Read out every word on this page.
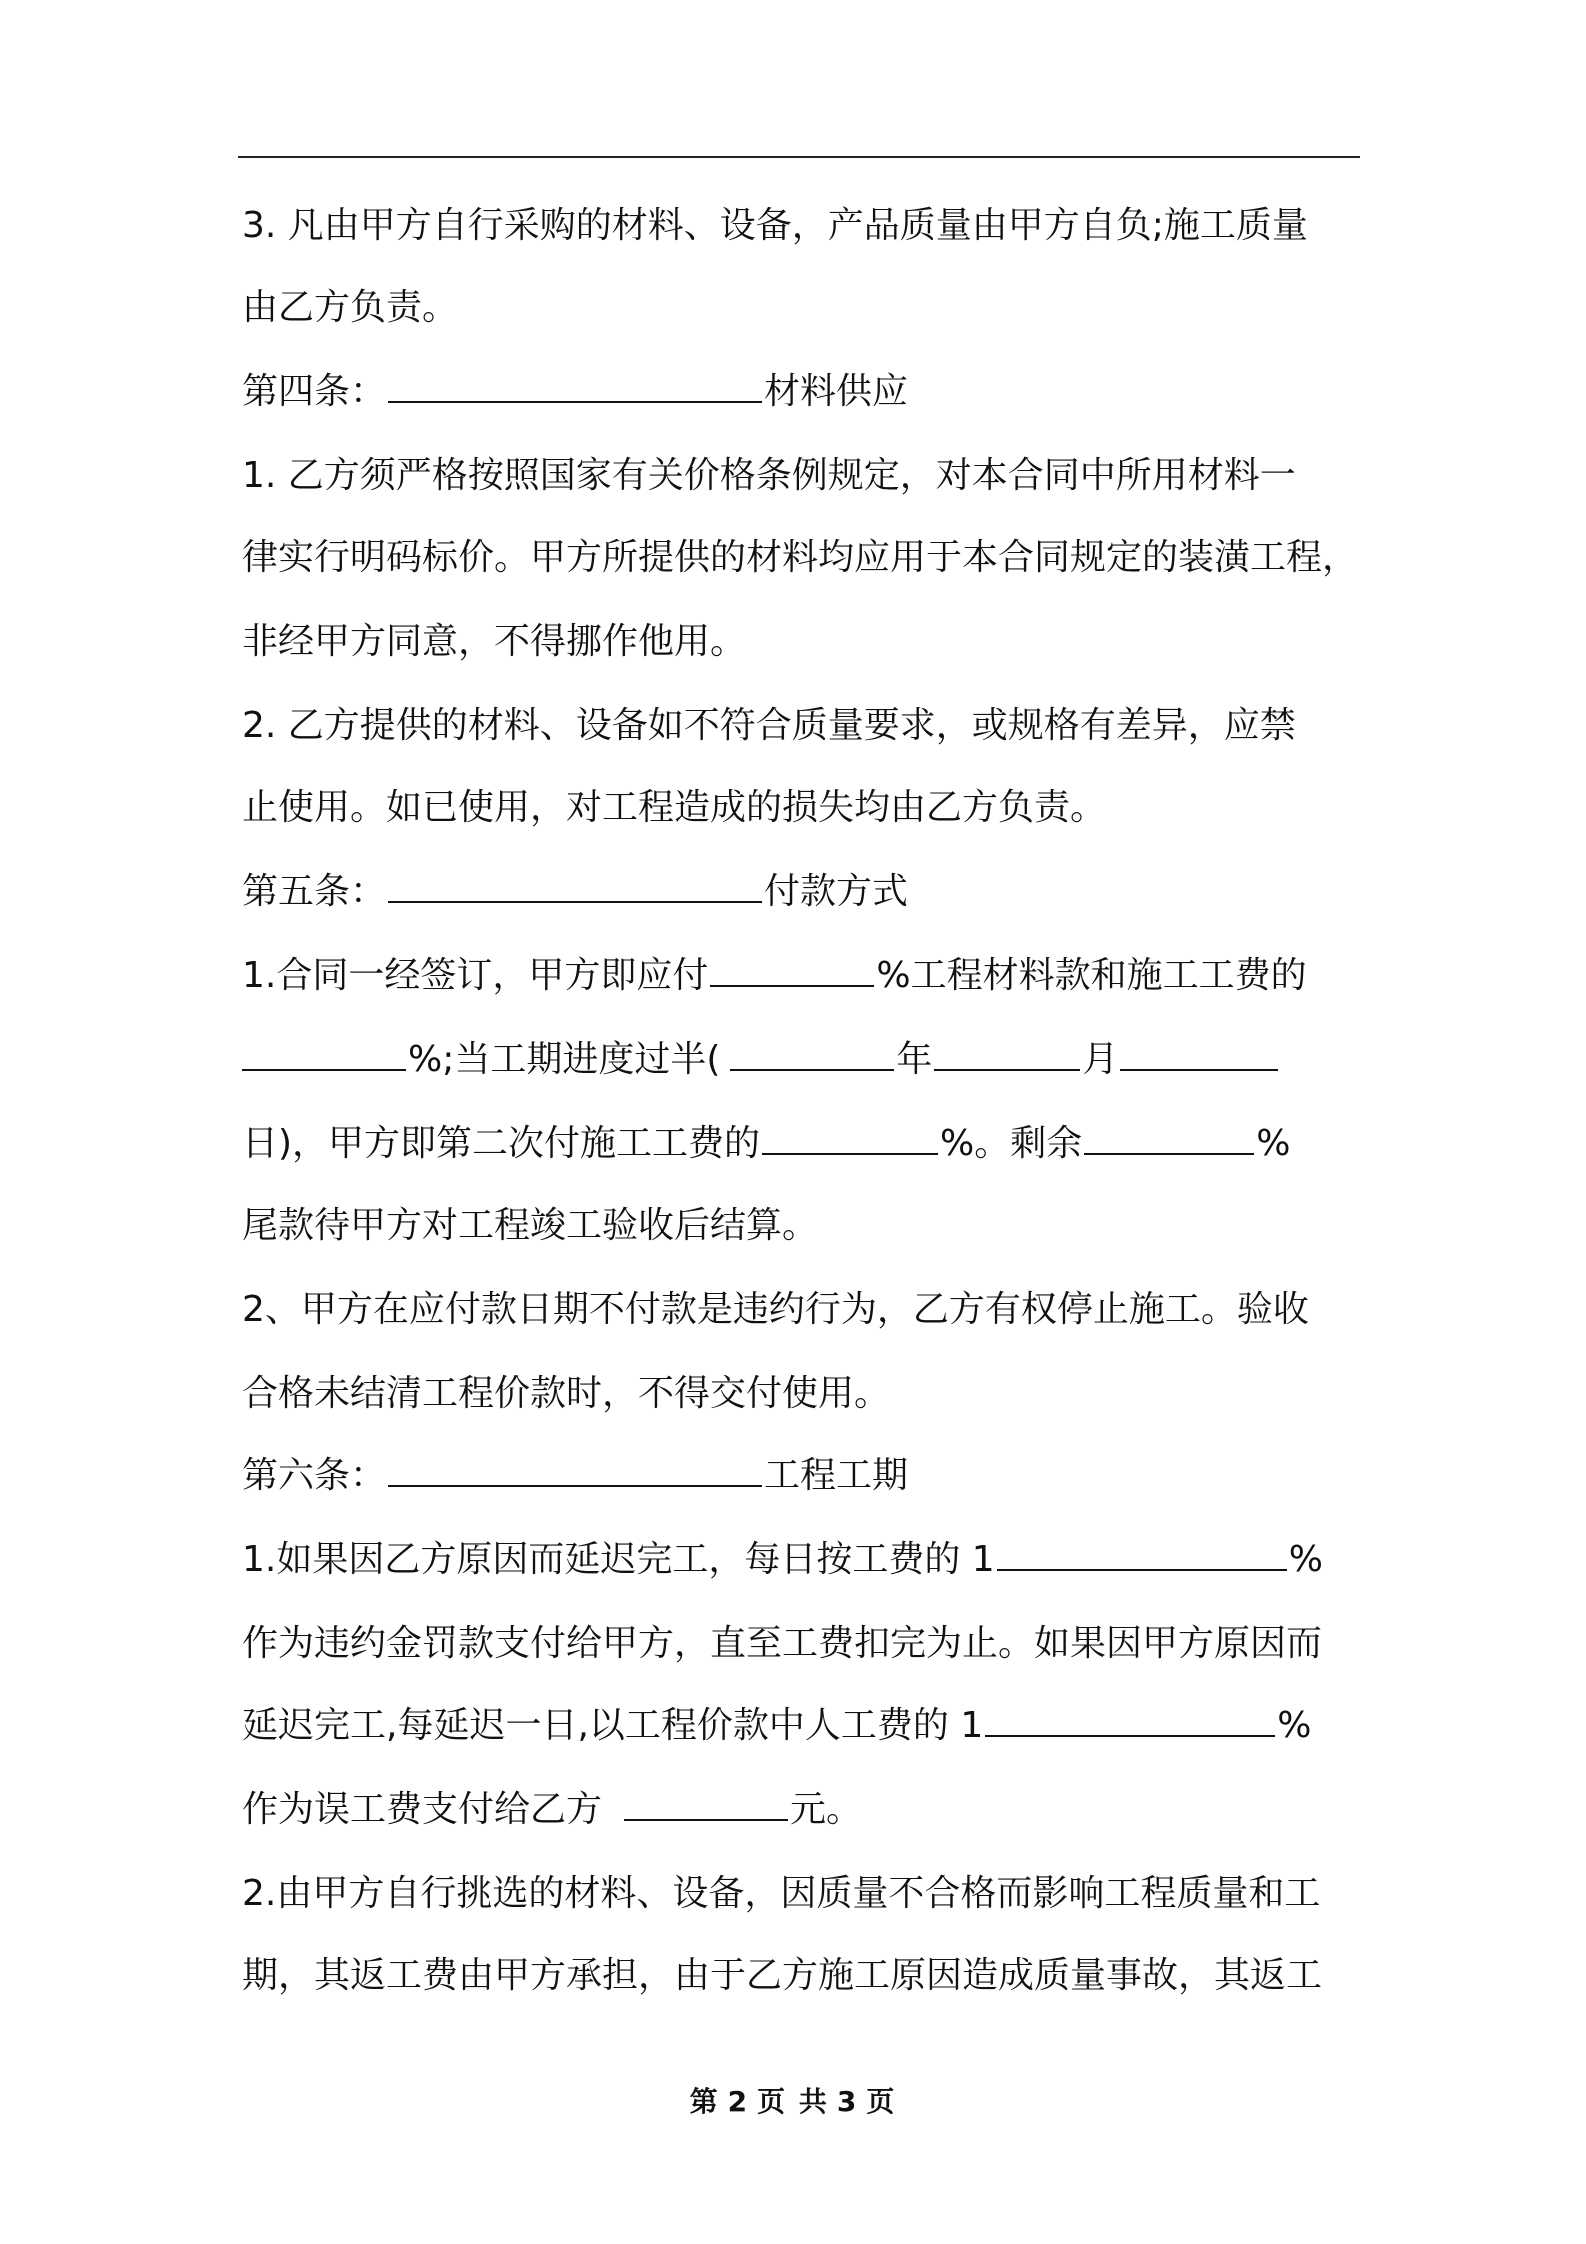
3. 凡由甲方自行采购的材料、设备，产品质量由甲方自负;施工质量
由乙方负责。
第四条：	材料供应
1. 乙方须严格按照国家有关价格条例规定，对本合同中所用材料一
律实行明码标价。甲方所提供的材料均应用于本合同规定的装潢工程，
非经甲方同意，不得挪作他用。
2. 乙方提供的材料、设备如不符合质量要求，或规格有差异，应禁
止使用。如已使用，对工程造成的损失均由乙方负责。
第五条：	付款方式
1.合同一经签订，甲方即应付	%工程材料款和施工工费的
%;当工期进度过半(	年	月
日)，甲方即第二次付施工工费的	%。剩余	%
尾款待甲方对工程竣工验收后结算。
2、甲方在应付款日期不付款是违约行为，乙方有权停止施工。验收
合格未结清工程价款时，不得交付使用。
第六条：	工程工期
1.如果因乙方原因而延迟完工，每日按工费的 1	%
作为违约金罚款支付给甲方，直至工费扣完为止。如果因甲方原因而
延迟完工,每延迟一日,以工程价款中人工费的 1	%
作为误工费支付给乙方	元。
2.由甲方自行挑选的材料、设备，因质量不合格而影响工程质量和工
期，其返工费由甲方承担，由于乙方施工原因造成质量事故，其返工
第 2 页 共 3 页
